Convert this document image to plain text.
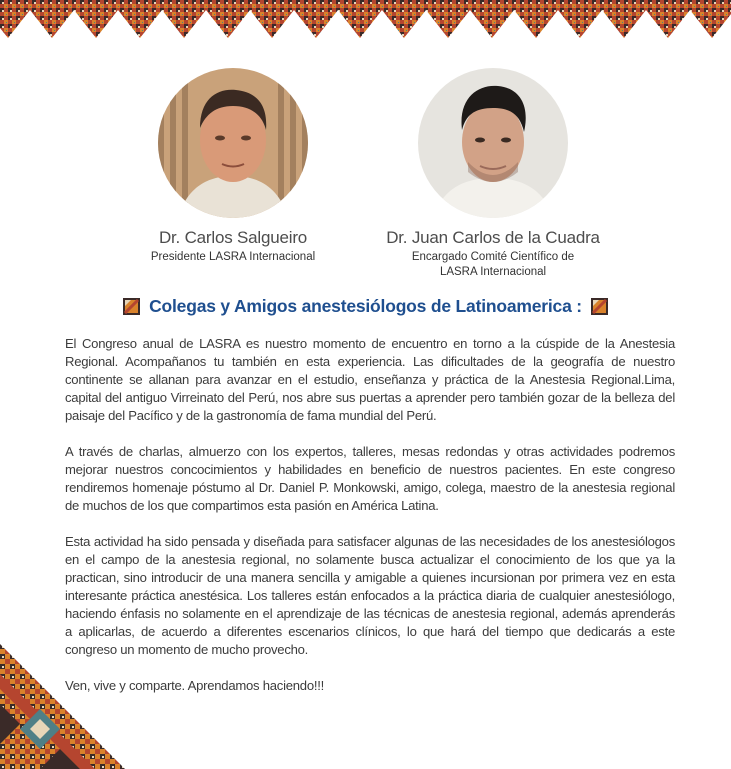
Dr. Carlos Salgueiro
Presidente LASRA Internacional
Dr. Juan Carlos de la Cuadra
Encargado Comité Científico de
LASRA Internacional
Colegas y Amigos anestesiólogos de Latinoamerica :

El Congreso anual de LASRA es nuestro momento de encuentro en torno a la cúspide de la Anestesia Regional. Acompañanos tu también en esta experiencia. Las dificultades de la geografía de nuestro continente se allanan para avanzar en el estudio, enseñanza y práctica de la Anestesia Regional.Lima, capital del antiguo Virreinato del Perú, nos abre sus puertas a aprender pero también gozar de la belleza del paisaje del Pacífico y de la gastronomía de fama mundial del Perú.

A través de charlas, almuerzo con los expertos, talleres, mesas redondas y otras actividades podremos mejorar nuestros concocimientos y habilidades en beneficio de nuestros pacientes. En este congreso rendiremos homenaje póstumo al Dr. Daniel P. Monkowski, amigo, colega, maestro de la anestesia regional de muchos de los que compartimos esta pasión en América Latina.

Esta actividad ha sido pensada y diseñada para satisfacer algunas de las necesidades de los anestesiólogos en el campo de la anestesia regional, no solamente busca actualizar el conocimiento de los que ya la practican, sino introducir de una manera sencilla y amigable a quienes incursionan por primera vez en esta interesante práctica anestésica. Los talleres están enfocados a la práctica diaria de cualquier anestesiólogo, haciendo énfasis no solamente en el aprendizaje de las técnicas de anestesia regional, además aprenderás a aplicarlas, de acuerdo a diferentes escenarios clínicos, lo que hará del tiempo que dedicarás a este congreso un momento de mucho provecho.

Ven, vive y comparte. Aprendamos haciendo!!!
